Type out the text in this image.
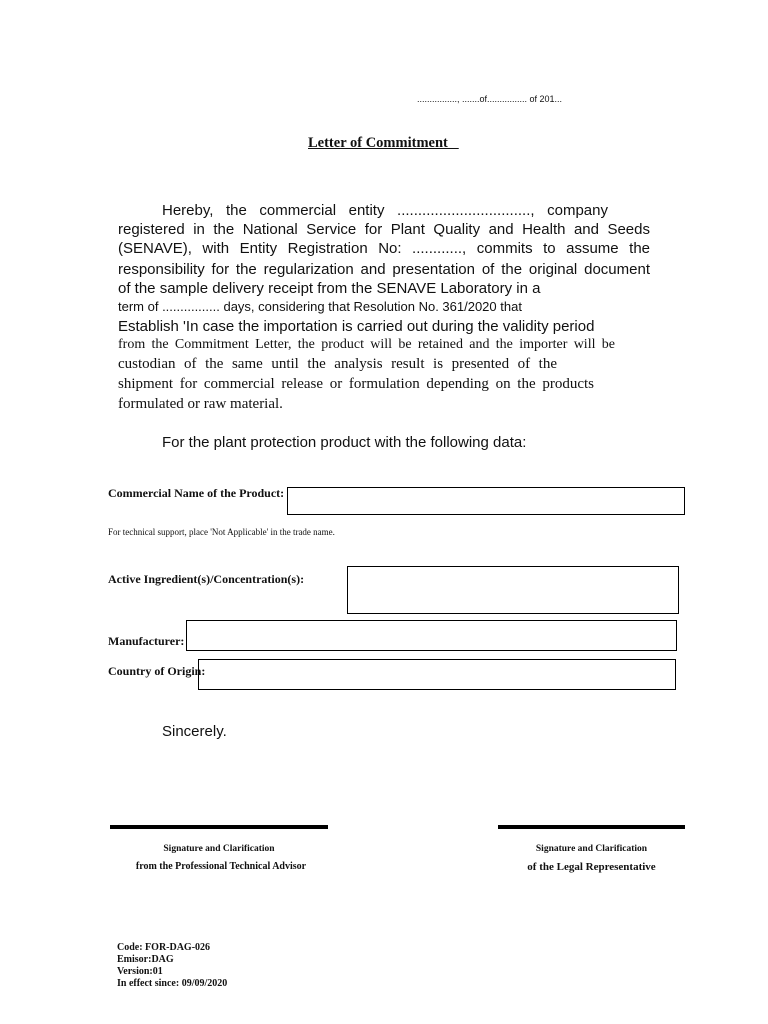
................, .......of................ of 201...
Letter of Commitment
Hereby, the commercial entity ................................, company
registered in the National Service for Plant Quality and Health and Seeds
(SENAVE), with Entity Registration No: ............, commits to assume the
responsibility for the regularization and presentation of the original document
of the sample delivery receipt from the SENAVE Laboratory in a
term of ................ days, considering that Resolution No. 361/2020 that
Establish 'In case the importation is carried out during the validity period
from the Commitment Letter, the product will be retained and the importer will be
custodian of the same until the analysis result is presented of the
shipment for commercial release or formulation depending on the products
formulated or raw material.
For the plant protection product with the following data:
Commercial Name of the Product:
For technical support, place 'Not Applicable' in the trade name.
Active Ingredient(s)/Concentration(s):
Manufacturer:
Country of Origin:
Sincerely.
Signature and Clarification
from the Professional Technical Advisor
Signature and Clarification
of the Legal Representative
Code: FOR-DAG-026
Emisor:DAG
Version:01
In effect since: 09/09/2020
